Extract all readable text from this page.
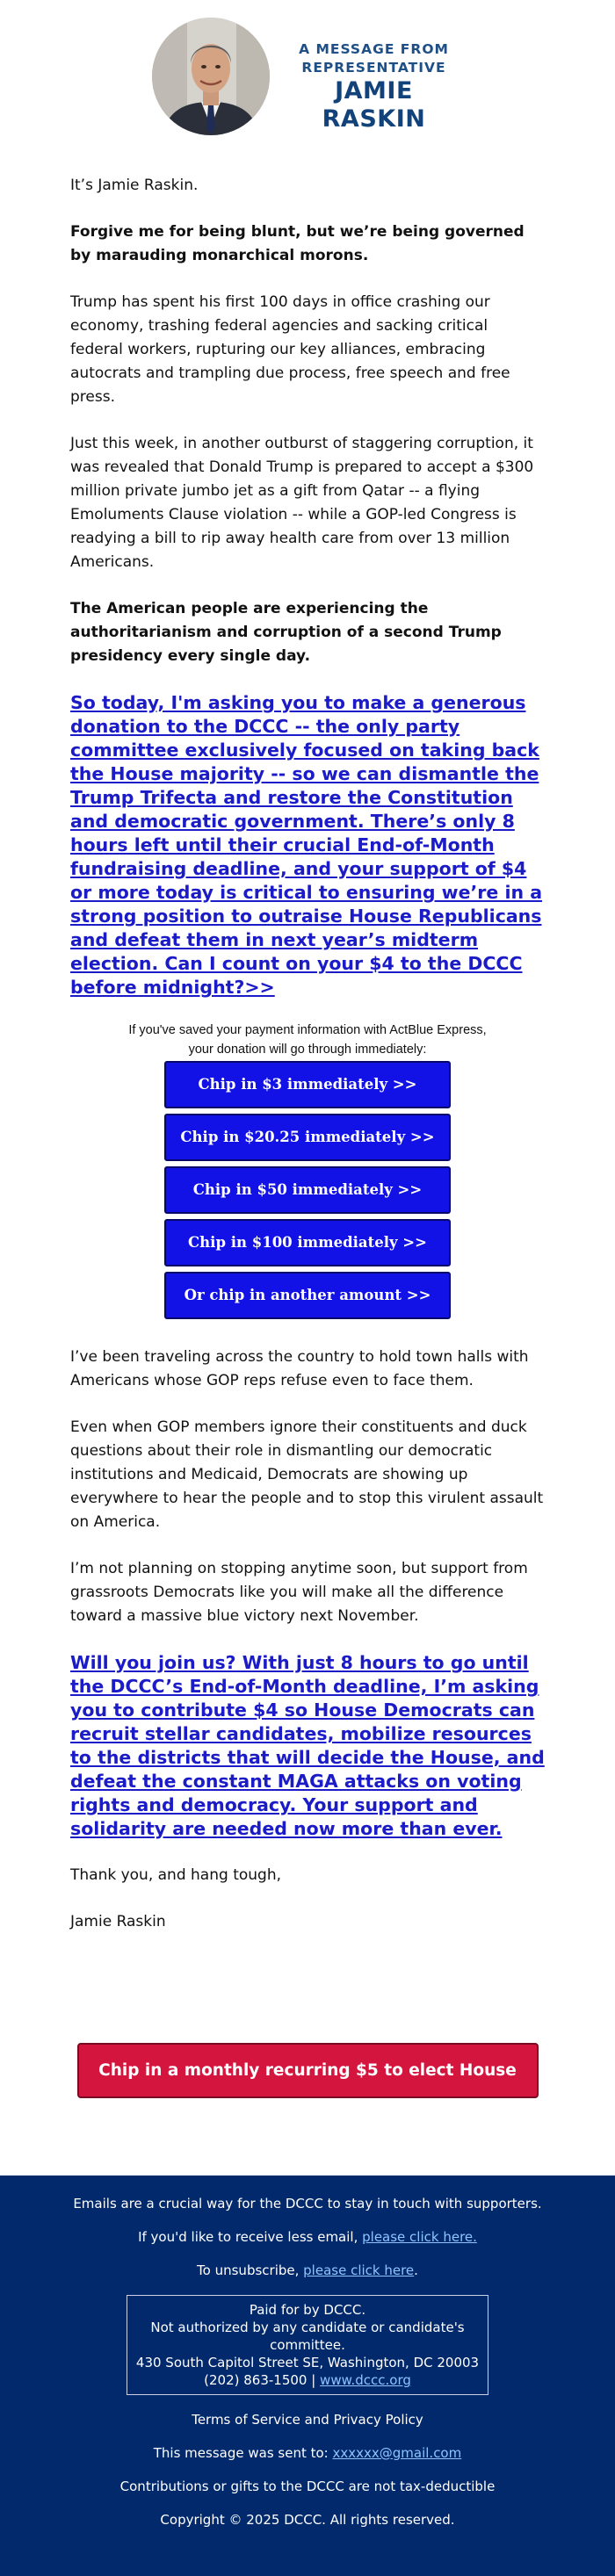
A MESSAGE FROM
REPRESENTATIVE
JAMIE RASKIN

It’s Jamie Raskin.

Forgive me for being blunt, but we’re being governed by marauding monarchical morons.

Trump has spent his first 100 days in office crashing our economy, trashing federal agencies and sacking critical federal workers, rupturing our key alliances, embracing autocrats and trampling due process, free speech and free press.

Just this week, in another outburst of staggering corruption, it was revealed that Donald Trump is prepared to accept a $300 million private jumbo jet as a gift from Qatar -- a flying Emoluments Clause violation -- while a GOP-led Congress is readying a bill to rip away health care from over 13 million Americans.

The American people are experiencing the authoritarianism and corruption of a second Trump presidency every single day.

So today, I'm asking you to make a generous donation to the DCCC -- the only party committee exclusively focused on taking back the House majority -- so we can dismantle the Trump Trifecta and restore the Constitution and democratic government. There’s only 8 hours left until their crucial End-of-Month fundraising deadline, and your support of $4 or more today is critical to ensuring we’re in a strong position to outraise House Republicans and defeat them in next year’s midterm election. Can I count on your $4 to the DCCC before midnight?>>

If you've saved your payment information with ActBlue Express,

your donation will go through immediately:

Chip in $3 immediately >>
Chip in $20.25 immediately >>
Chip in $50 immediately >>
Chip in $100 immediately >>
Or chip in another amount >>

I’ve been traveling across the country to hold town halls with Americans whose GOP reps refuse even to face them.

Even when GOP members ignore their constituents and duck questions about their role in dismantling our democratic institutions and Medicaid, Democrats are showing up everywhere to hear the people and to stop this virulent assault on America.

I’m not planning on stopping anytime soon, but support from grassroots Democrats like you will make all the difference toward a massive blue victory next November.

Will you join us? With just 8 hours to go until the DCCC’s End-of-Month deadline, I’m asking you to contribute $4 so House Democrats can recruit stellar candidates, mobilize resources to the districts that will decide the House, and defeat the constant MAGA attacks on voting rights and democracy. Your support and solidarity are needed now more than ever.

Thank you, and hang tough,

Jamie Raskin

Chip in a monthly recurring $5 to elect House Dems >>

Emails are a crucial way for the DCCC to stay in touch with supporters.

If you'd like to receive less email, please click here.

To unsubscribe, please click here.

Paid for by DCCC.
Not authorized by any candidate or candidate's committee.
430 South Capitol Street SE, Washington, DC 20003
(202) 863-1500 | www.dccc.org

Terms of Service and Privacy Policy

This message was sent to: xxxxxx@gmail.com

Contributions or gifts to the DCCC are not tax-deductible

Copyright © 2025 DCCC. All rights reserved.
